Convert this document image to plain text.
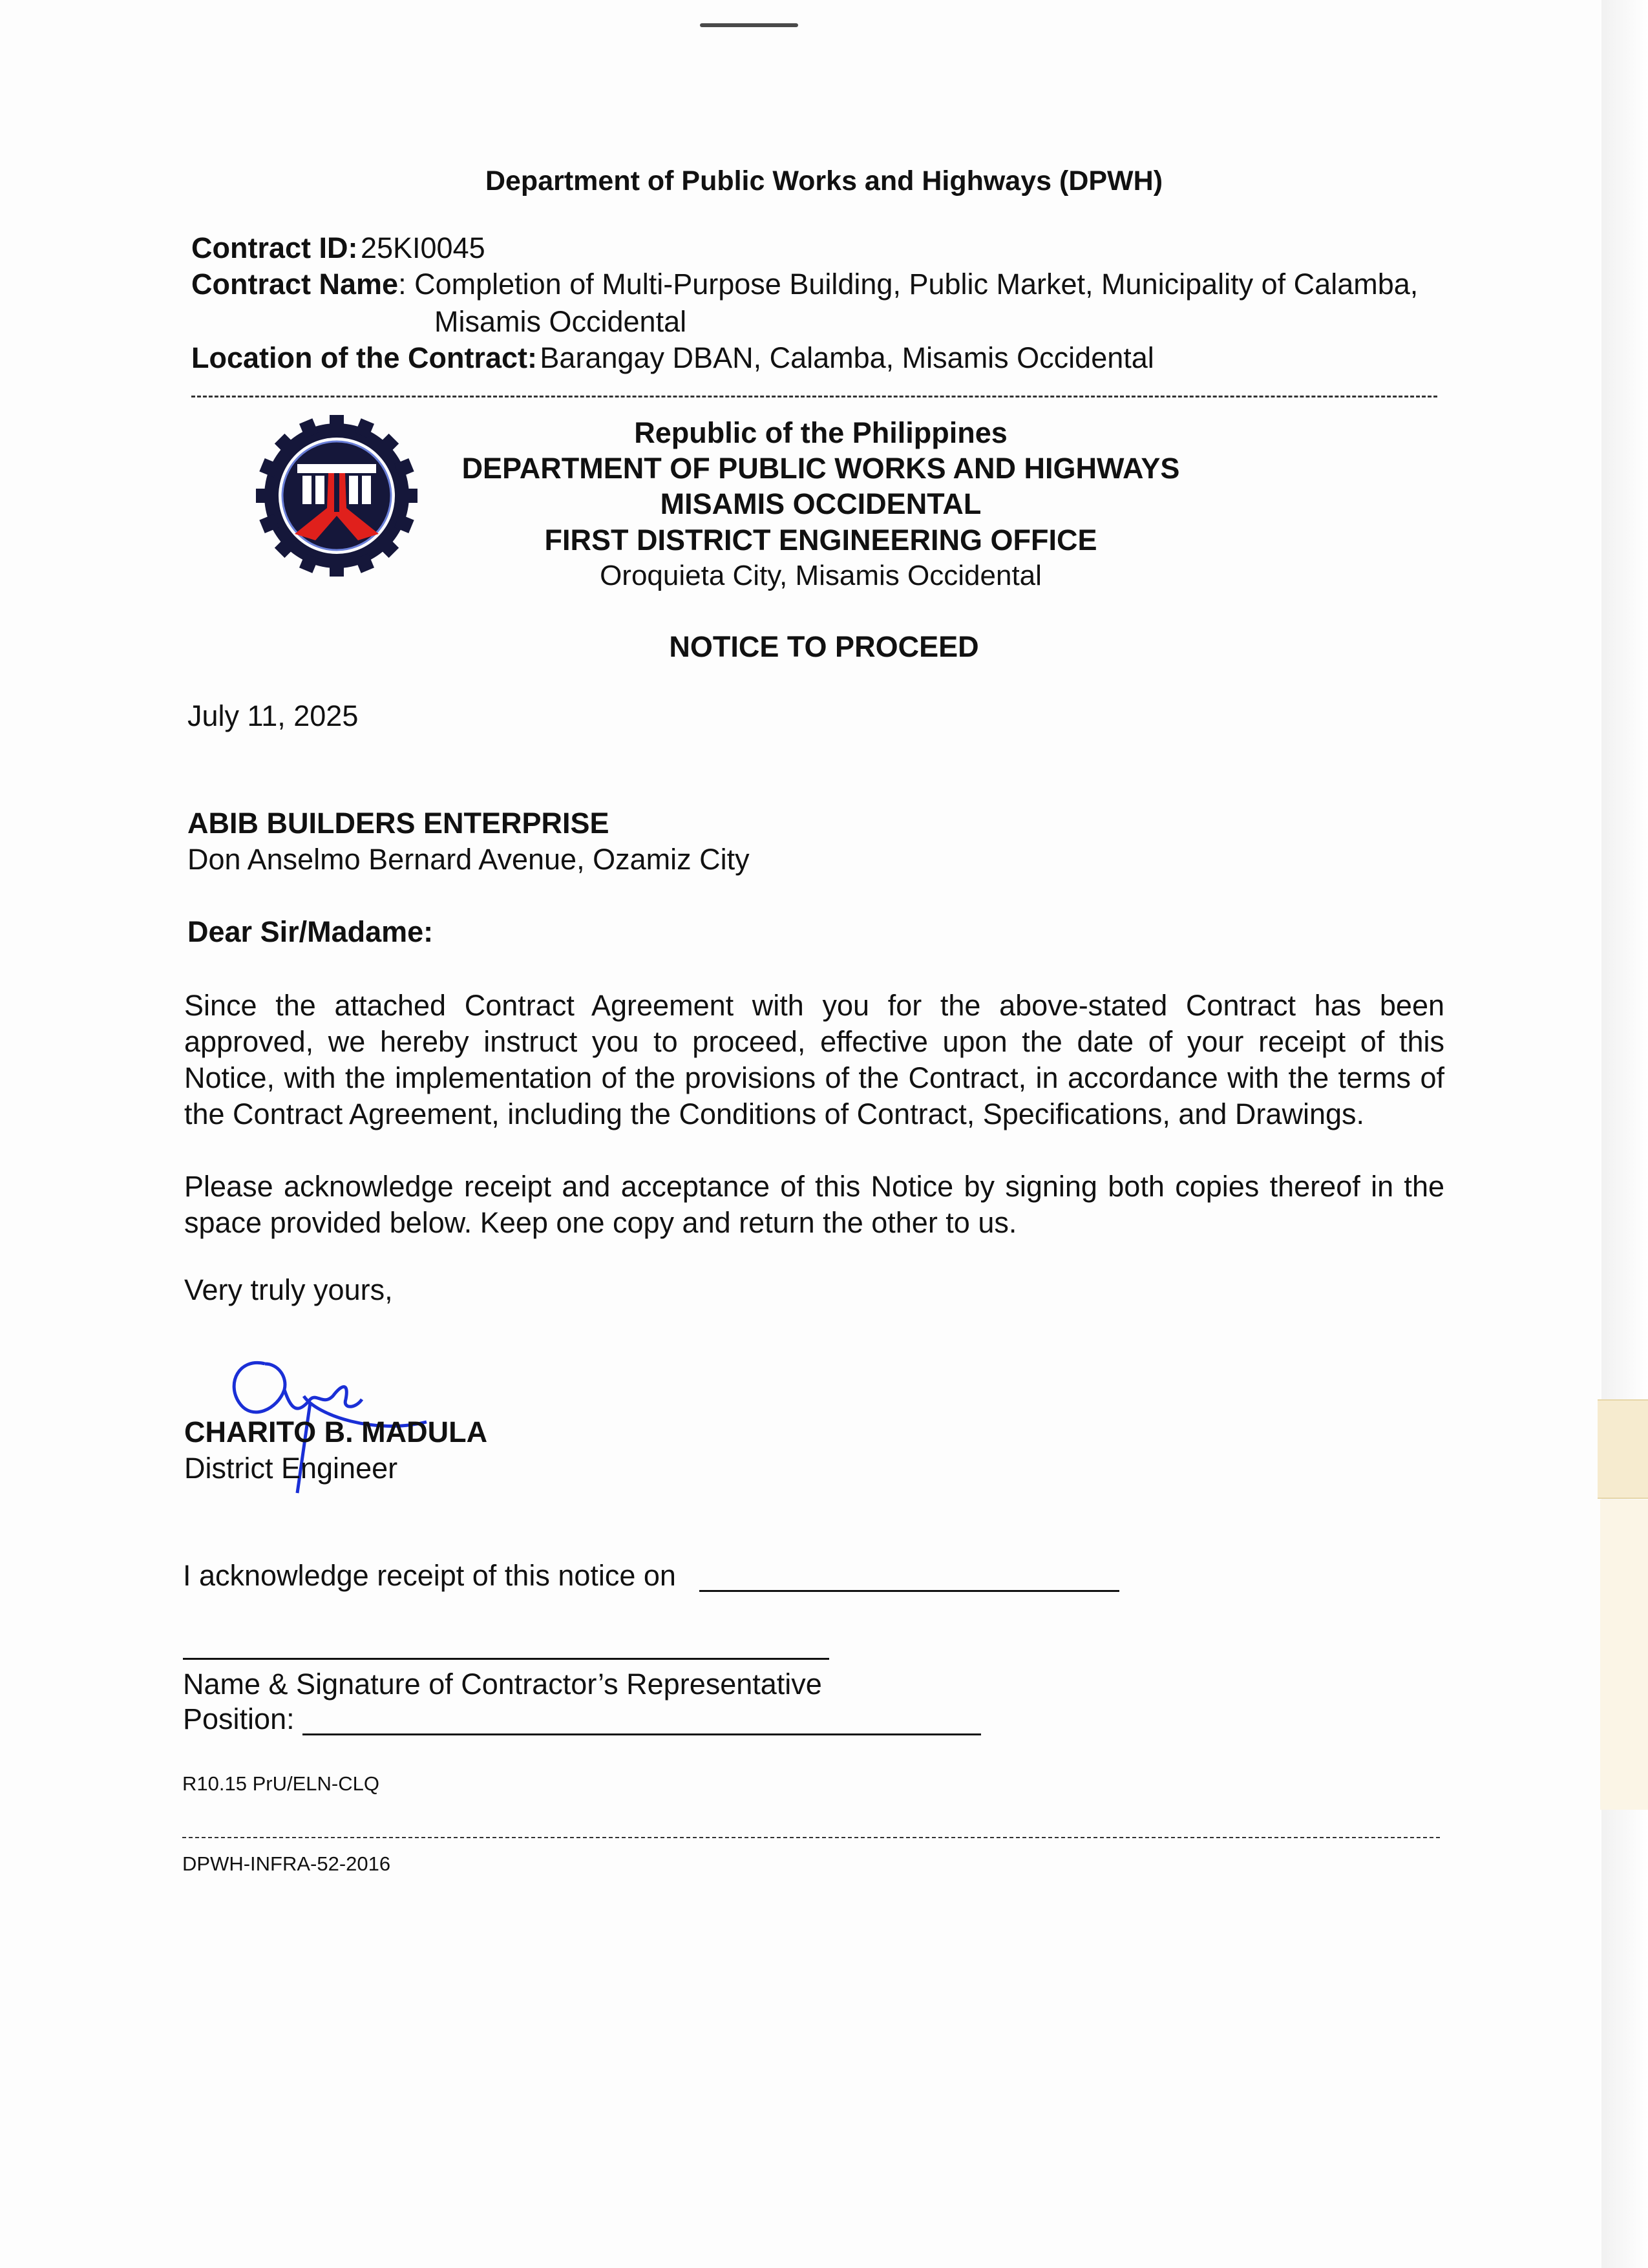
Department of Public Works and Highways (DPWH)
Contract ID: 25KI0045
Contract Name: Completion of Multi-Purpose Building, Public Market, Municipality of Calamba,
Misamis Occidental
Location of the Contract: Barangay DBAN, Calamba, Misamis Occidental
Republic of the Philippines
DEPARTMENT OF PUBLIC WORKS AND HIGHWAYS
MISAMIS OCCIDENTAL
FIRST DISTRICT ENGINEERING OFFICE
Oroquieta City, Misamis Occidental
NOTICE TO PROCEED
July 11, 2025
ABIB BUILDERS ENTERPRISE
Don Anselmo Bernard Avenue, Ozamiz City
Dear Sir/Madame:
Since the attached Contract Agreement with you for the above-stated Contract has been approved, we hereby instruct you to proceed, effective upon the date of your receipt of this Notice, with the implementation of the provisions of the Contract, in accordance with the terms of the Contract Agreement, including the Conditions of Contract, Specifications, and Drawings.
Please acknowledge receipt and acceptance of this Notice by signing both copies thereof in the space provided below. Keep one copy and return the other to us.
Very truly yours,
CHARITO B. MADULA
District Engineer
I acknowledge receipt of this notice on
Name & Signature of Contractor’s Representative
Position:
R10.15 PrU/ELN-CLQ
DPWH-INFRA-52-2016
